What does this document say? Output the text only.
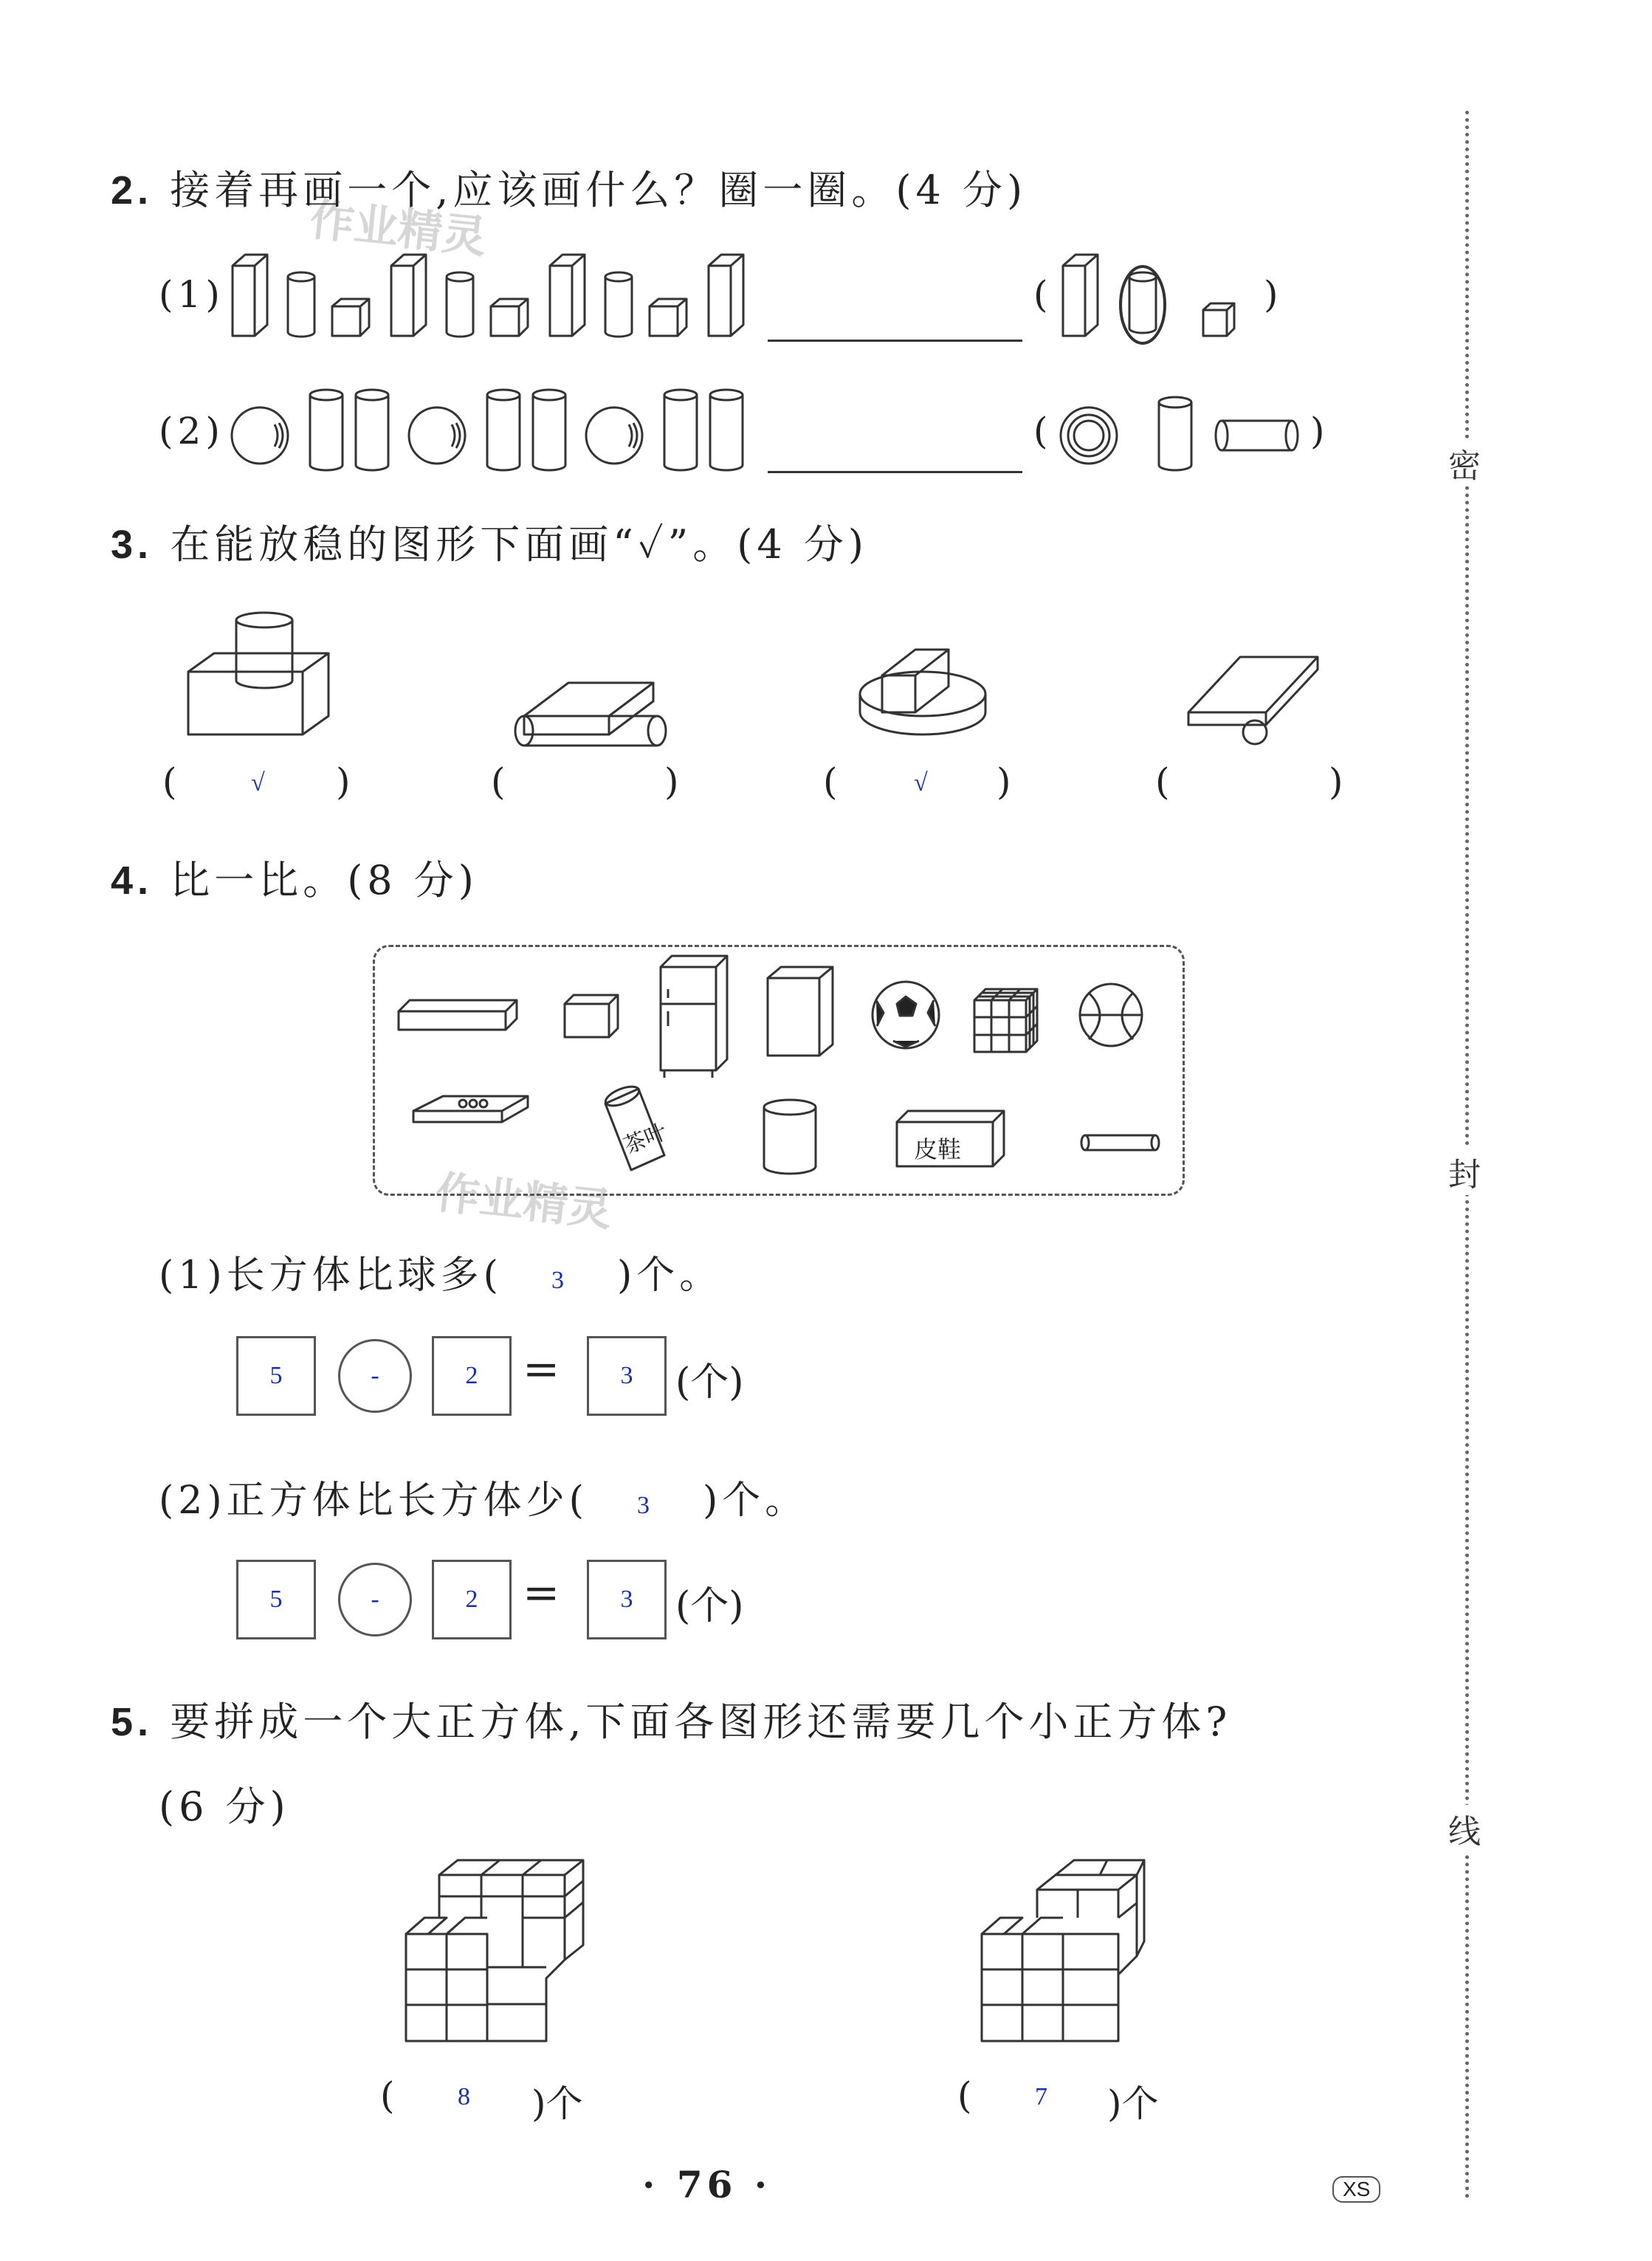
作业精灵
作业精灵
2. 接着再画一个,应该画什么？圈一圈。(4 分)
(1)	(	)
(2)	(	)
3. 在能放稳的图形下面画“✓”。(4 分)
(	√ )	(	)	(	√ )	(	)
4. 比一比。(8 分)
茶叶	皮鞋
(1)长方体比球多( 3 )个。
5	-	2 = 3 (个)
(2)正方体比长方体少( 3 )个。
5	-	2 = 3 (个)
5. 要拼成一个大正方体,下面各图形还需要几个小正方体?
(6 分)
(	8 )个	(	7 )个
密
封
线
· 76 ·	XS
